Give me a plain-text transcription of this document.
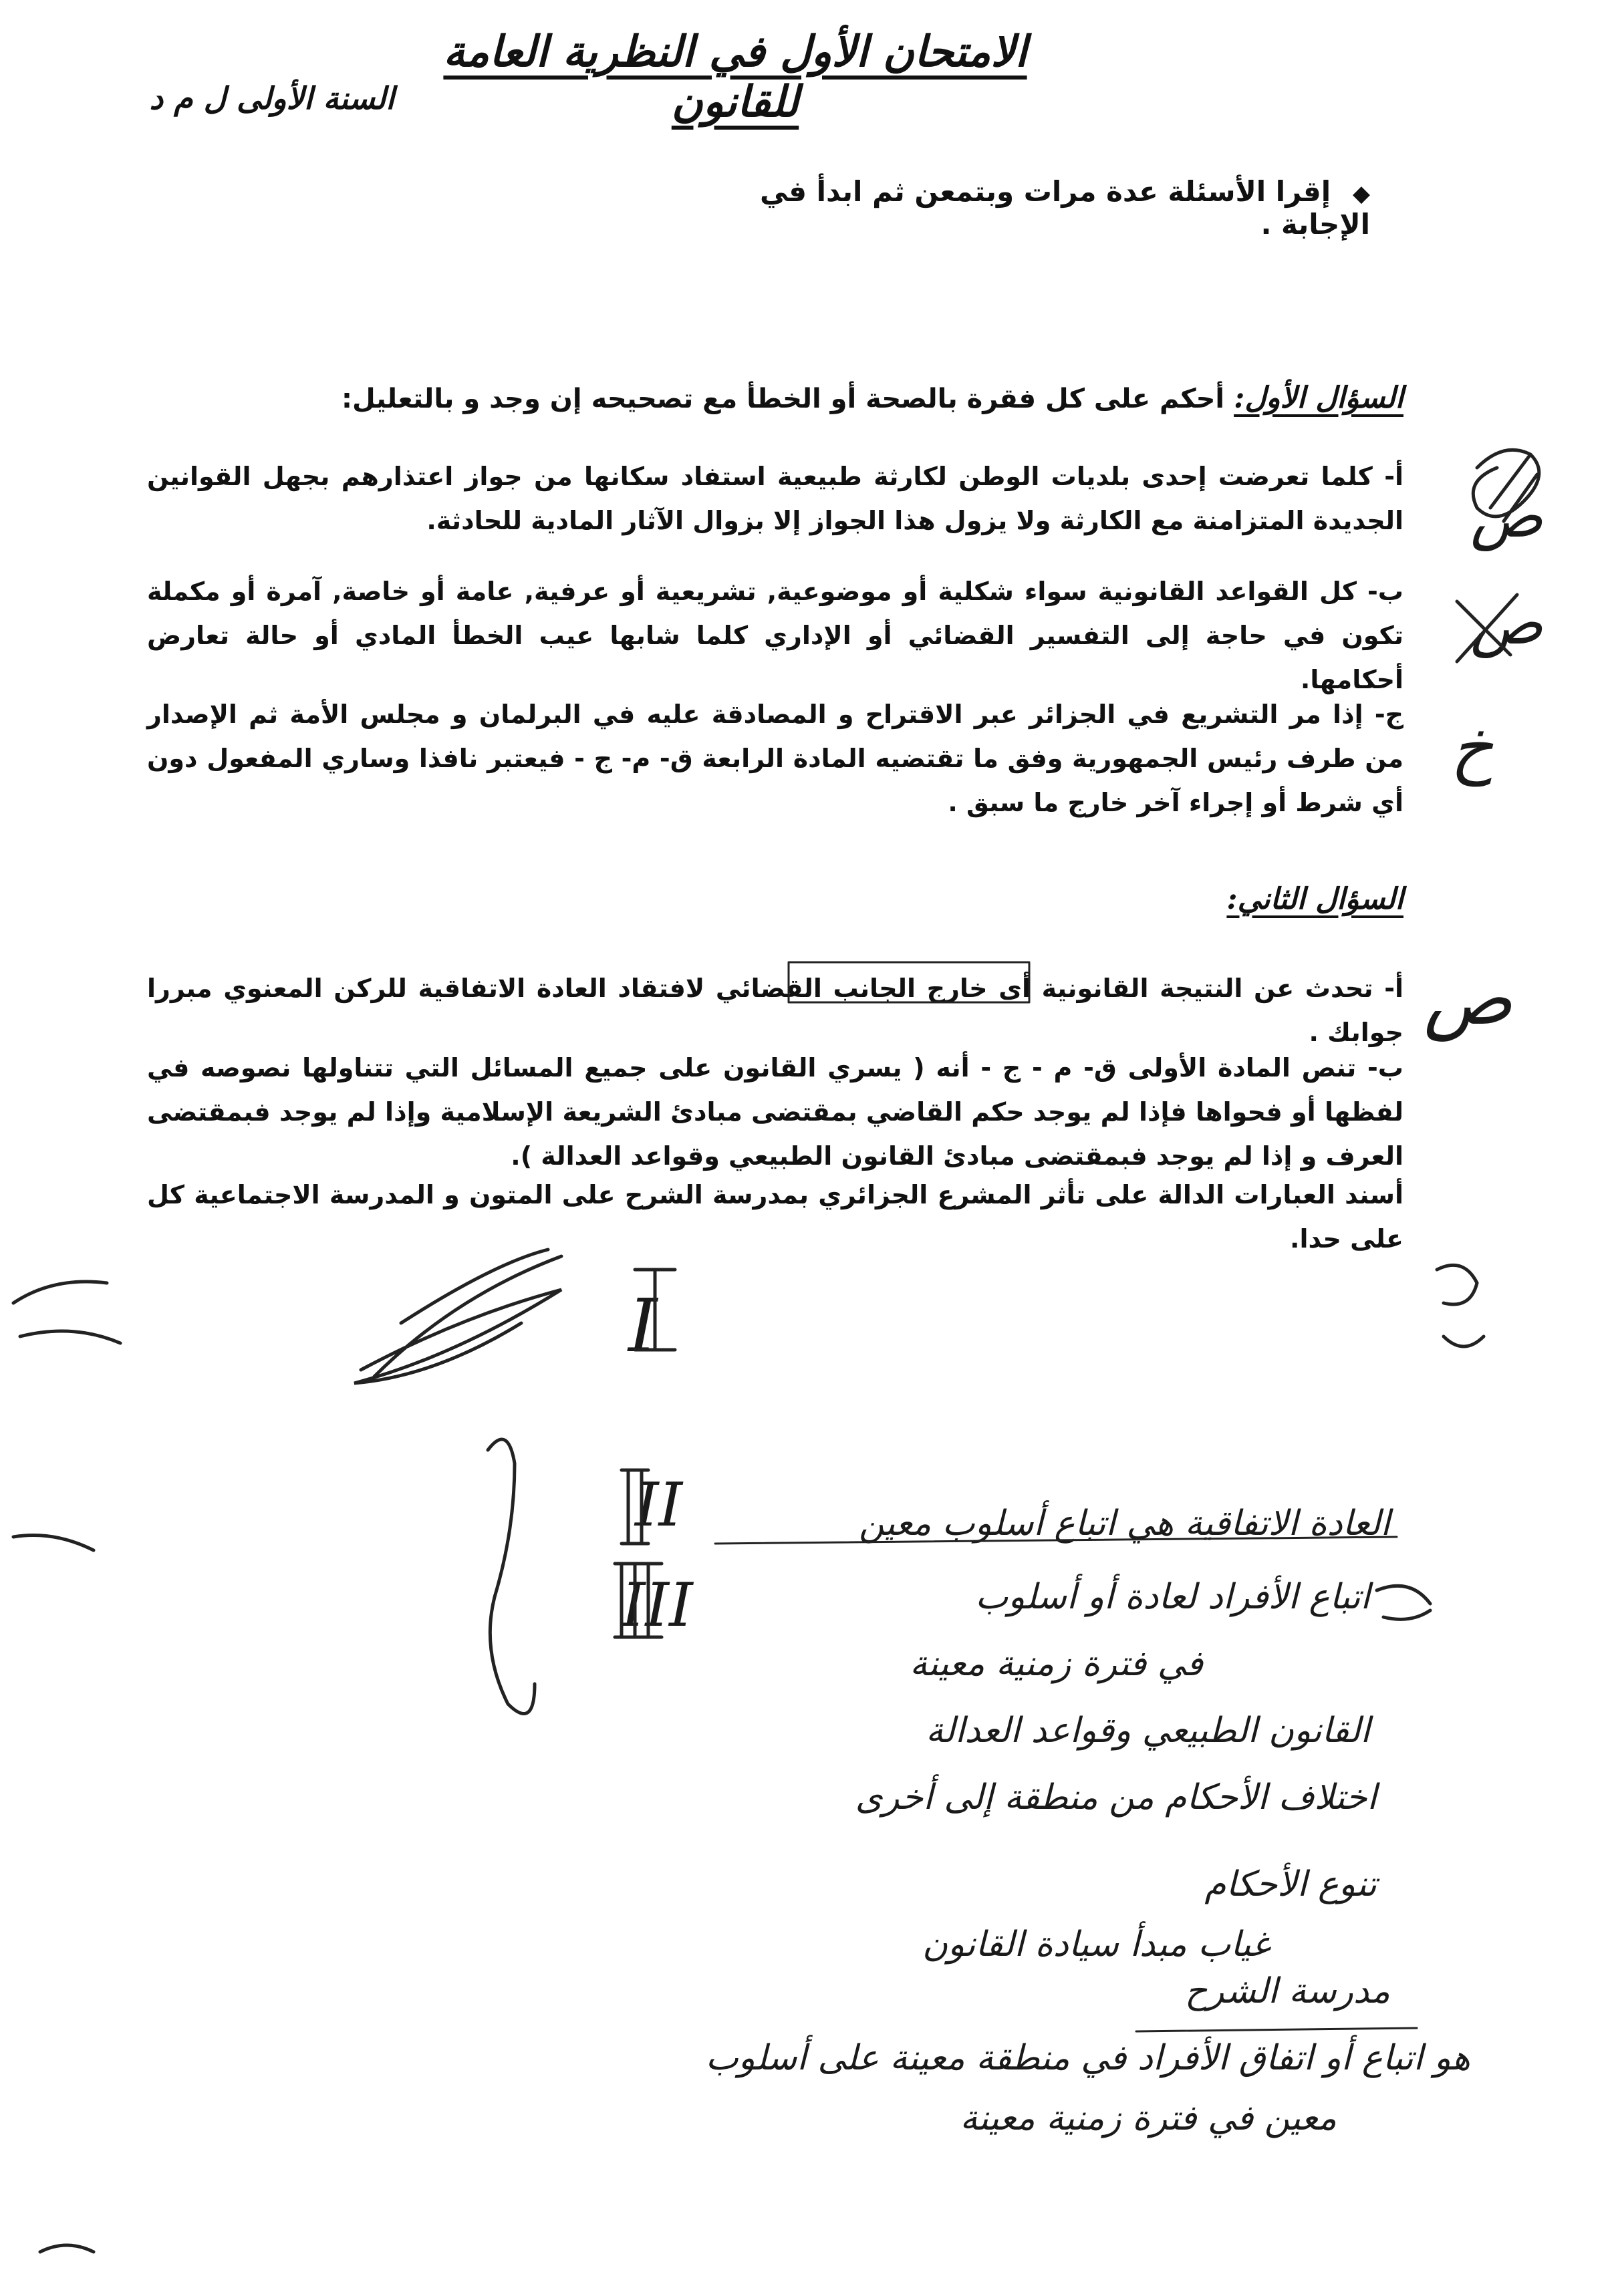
الامتحان الأول في النظرية العامة للقانون
السنة الأولى ل م د
◆ إقرا الأسئلة عدة مرات وبتمعن ثم ابدأ في الإجابة .
السؤال الأول: أحكم على كل فقرة بالصحة أو الخطأ مع تصحيحه إن وجد و بالتعليل:
أ- كلما تعرضت إحدى بلديات الوطن لكارثة طبيعية استفاد سكانها من جواز اعتذارهم بجهل القوانين الجديدة المتزامنة مع الكارثة ولا يزول هذا الجواز إلا بزوال الآثار المادية للحادثة.
ب- كل القواعد القانونية سواء شكلية أو موضوعية, تشريعية أو عرفية, عامة أو خاصة, آمرة أو مكملة تكون في حاجة إلى التفسير القضائي أو الإداري كلما شابها عيب الخطأ المادي أو حالة تعارض أحكامها.
ج- إذا مر التشريع في الجزائر عبر الاقتراح و المصادقة عليه في البرلمان و مجلس الأمة ثم الإصدار من طرف رئيس الجمهورية وفق ما تقتضيه المادة الرابعة ق- م- ج - فيعتبر نافذا وساري المفعول دون أي شرط أو إجراء آخر خارج ما سبق .
السؤال الثاني:
أ- تحدث عن النتيجة القانونية أي خارج الجانب القضائي لافتقاد العادة الاتفاقية للركن المعنوي مبررا جوابك .
ب- تنص المادة الأولى ق- م - ج - أنه ( يسري القانون على جميع المسائل التي تتناولها نصوصه في لفظها أو فحواها فإذا لم يوجد حكم القاضي بمقتضى مبادئ الشريعة الإسلامية وإذا لم يوجد فبمقتضى العرف و إذا لم يوجد فبمقتضى مبادئ القانون الطبيعي وقواعد العدالة ).
أسند العبارات الدالة على تأثر المشرع الجزائري بمدرسة الشرح على المتون و المدرسة الاجتماعية كل على حدا.
ص
ص
خ
ص
I
II
III
العادة الاتفاقية هي اتباع أسلوب معين
اتباع الأفراد لعادة أو أسلوب
في فترة زمنية معينة
القانون الطبيعي وقواعد العدالة
اختلاف الأحكام من منطقة إلى أخرى
تنوع الأحكام
غياب مبدأ سيادة القانون
مدرسة الشرح
هو اتباع أو اتفاق الأفراد في منطقة معينة على أسلوب
معين في فترة زمنية معينة
